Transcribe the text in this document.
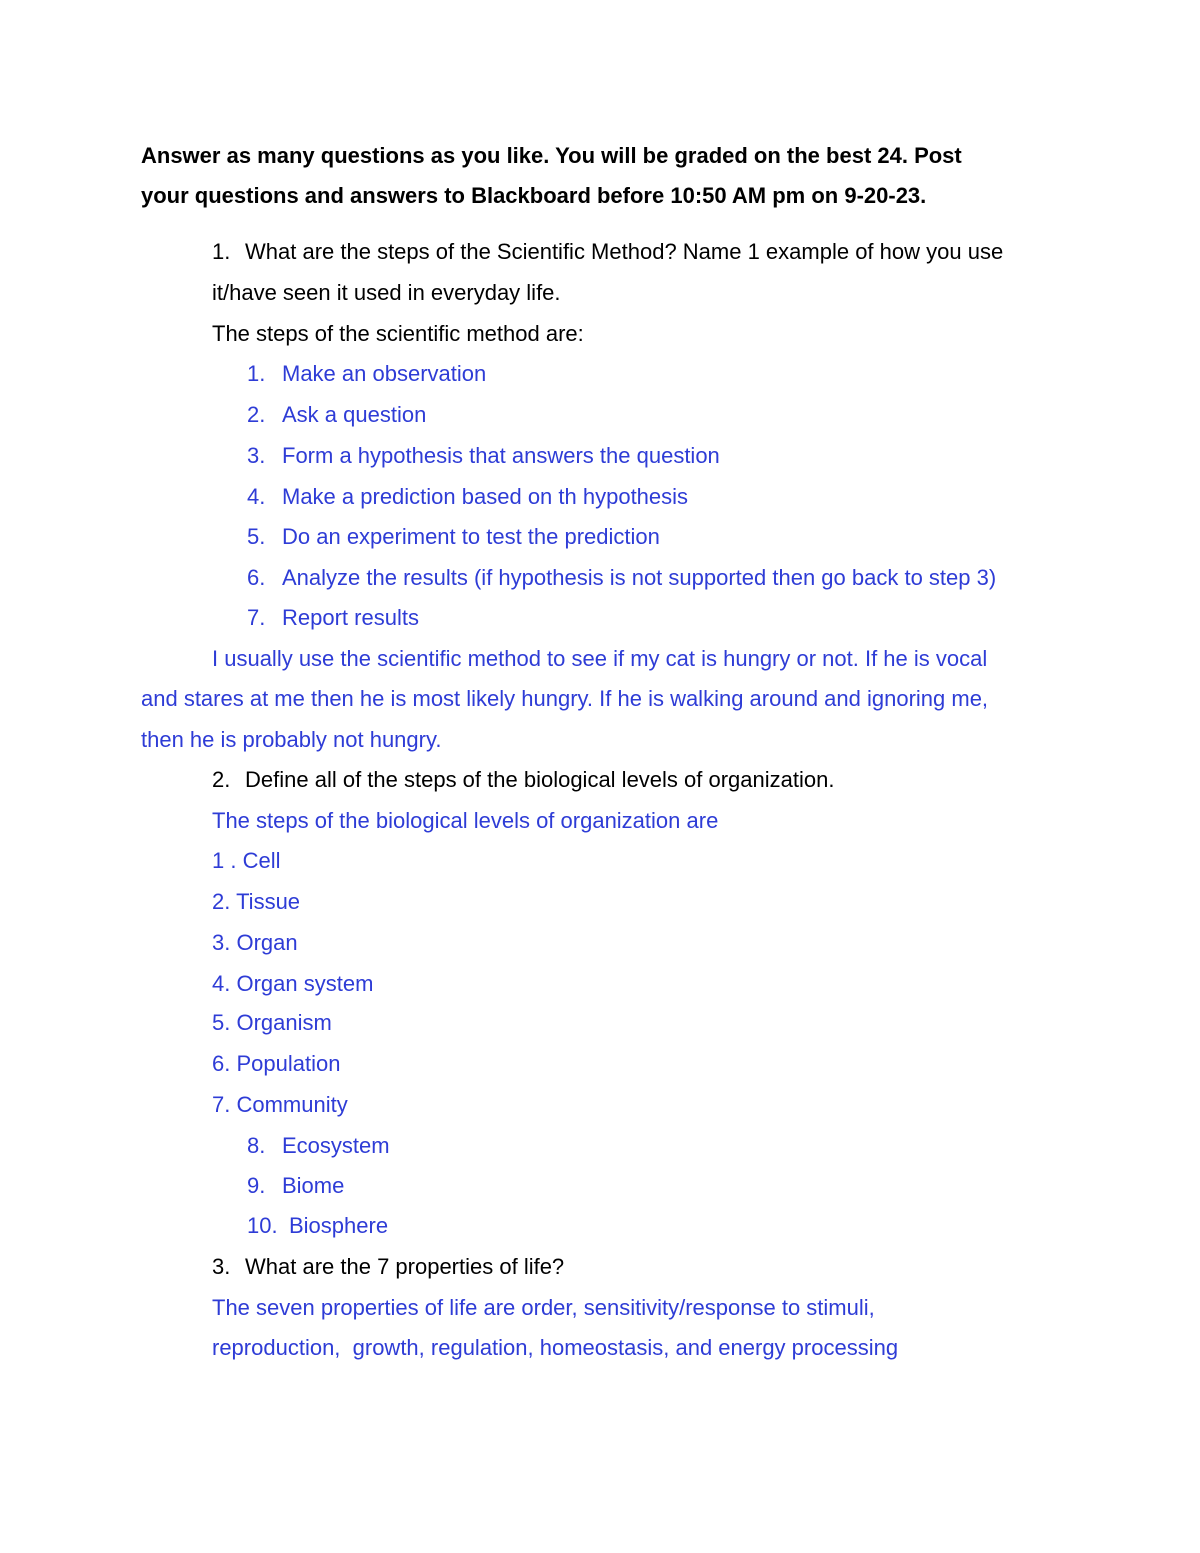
Answer as many questions as you like. You will be graded on the best 24. Post
your questions and answers to Blackboard before 10:50 AM pm on 9-20-23.
1. What are the steps of the Scientific Method? Name 1 example of how you use
it/have seen it used in everyday life.
The steps of the scientific method are:
1. Make an observation
2. Ask a question
3. Form a hypothesis that answers the question
4. Make a prediction based on th hypothesis
5. Do an experiment to test the prediction
6. Analyze the results (if hypothesis is not supported then go back to step 3)
7. Report results
I usually use the scientific method to see if my cat is hungry or not. If he is vocal
and stares at me then he is most likely hungry. If he is walking around and ignoring me,
then he is probably not hungry.
2. Define all of the steps of the biological levels of organization.
The steps of the biological levels of organization are
1 . Cell
2. Tissue
3. Organ
4. Organ system
5. Organism
6. Population
7. Community
8. Ecosystem
9. Biome
10. Biosphere
3. What are the 7 properties of life?
The seven properties of life are order, sensitivity/response to stimuli,
reproduction,  growth, regulation, homeostasis, and energy processing
